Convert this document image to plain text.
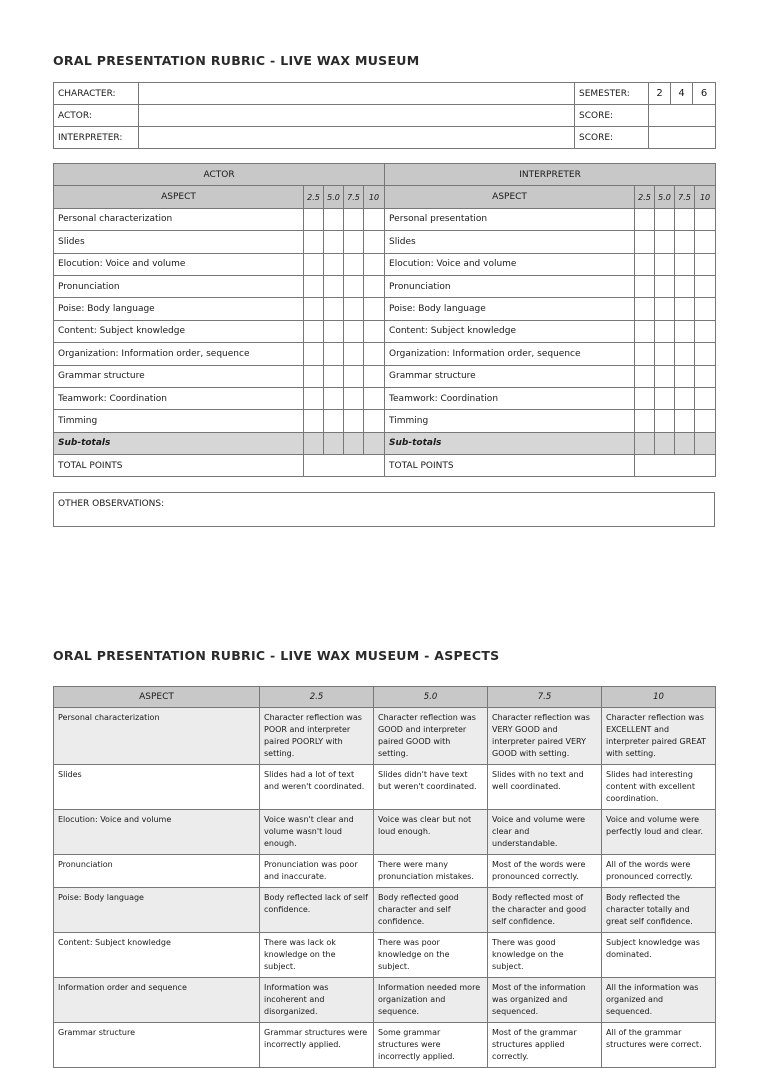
ORAL PRESENTATION RUBRIC - LIVE WAX MUSEUM
CHARACTER:		SEMESTER:	2	4	6
ACTOR:		SCORE:			
INTERPRETER:		SCORE:			
ACTOR					INTERPRETER				
ASPECT	2.5	5.0	7.5	10	ASPECT	2.5	5.0	7.5	10
Personal characterization					Personal presentation				
Slides					Slides				
Elocution: Voice and volume					Elocution: Voice and volume				
Pronunciation					Pronunciation				
Poise: Body language					Poise: Body language				
Content: Subject knowledge					Content: Subject knowledge				
Organization: Information order, sequence					Organization: Information order, sequence				
Grammar structure					Grammar structure				
Teamwork: Coordination					Teamwork: Coordination				
Timming					Timming				
Sub-totals					Sub-totals				
TOTAL POINTS					TOTAL POINTS				
OTHER OBSERVATIONS:
ORAL PRESENTATION RUBRIC - LIVE WAX MUSEUM - ASPECTS
ASPECT	2.5	5.0	7.5	10
Personal characterization	Character reflection was POOR and interpreter paired POORLY with setting.	Character reflection was GOOD and interpreter paired GOOD with setting.	Character reflection was VERY GOOD and interpreter paired VERY GOOD with setting.	Character reflection was EXCELLENT and interpreter paired GREAT with setting.
Slides	Slides had a lot of text and weren't coordinated.	Slides didn't have text but weren't coordinated.	Slides with no text and well coordinated.	Slides had interesting content with excellent coordination.
Elocution: Voice and volume	Voice wasn't clear and volume wasn't loud enough.	Voice was clear but not loud enough.	Voice and volume were clear and understandable.	Voice and volume were perfectly loud and clear.
Pronunciation	Pronunciation was poor and inaccurate.	There were many pronunciation mistakes.	Most of the words were pronounced correctly.	All of the words were pronounced correctly.
Poise: Body language	Body reflected lack of self confidence.	Body reflected good character and self confidence.	Body reflected most of the character and good self confidence.	Body reflected the character totally and great self confidence.
Content: Subject knowledge	There was lack ok knowledge on the subject.	There was poor knowledge on the subject.	There was good knowledge on the subject.	Subject knowledge was dominated.
Information order and sequence	Information was incoherent and disorganized.	Information needed more organization and sequence.	Most of the information was organized and sequenced.	All the information was organized and sequenced.
Grammar structure	Grammar structures were incorrectly applied.	Some grammar structures were incorrectly applied.	Most of the grammar structures applied correctly.	All of the grammar structures were correct.
